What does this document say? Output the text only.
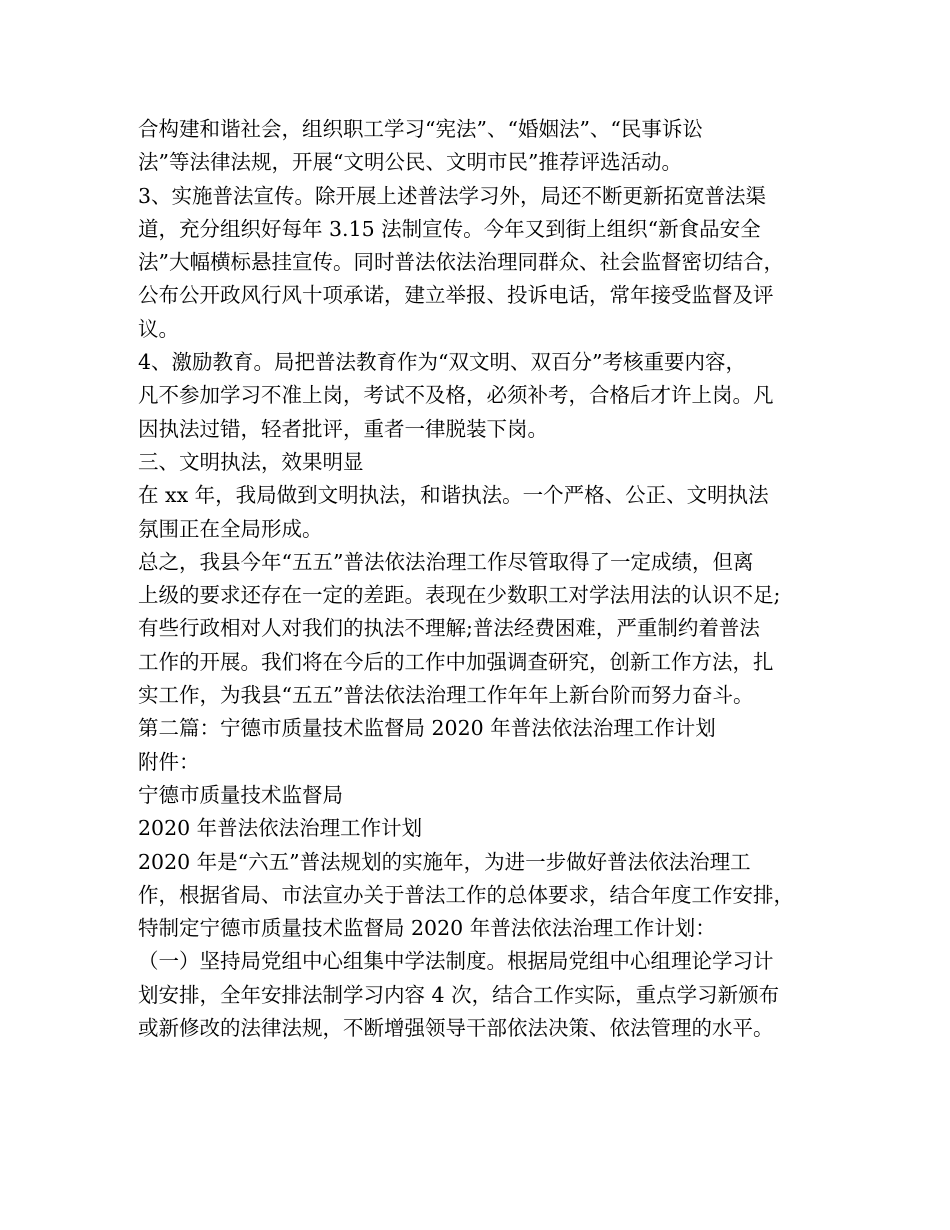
合构建和谐社会，组织职工学习“宪法”、“婚姻法”、“民事诉讼
法”等法律法规，开展“文明公民、文明市民”推荐评选活动。
3、实施普法宣传。除开展上述普法学习外，局还不断更新拓宽普法渠
道，充分组织好每年 3.15 法制宣传。今年又到街上组织“新食品安全
法”大幅横标悬挂宣传。同时普法依法治理同群众、社会监督密切结合，
公布公开政风行风十项承诺，建立举报、投诉电话，常年接受监督及评
议。
4、激励教育。局把普法教育作为“双文明、双百分”考核重要内容，
凡不参加学习不准上岗，考试不及格，必须补考，合格后才许上岗。凡
因执法过错，轻者批评，重者一律脱装下岗。
三、文明执法，效果明显
在 xx 年，我局做到文明执法，和谐执法。一个严格、公正、文明执法
氛围正在全局形成。
总之，我县今年“五五”普法依法治理工作尽管取得了一定成绩，但离
上级的要求还存在一定的差距。表现在少数职工对学法用法的认识不足;
有些行政相对人对我们的执法不理解;普法经费困难，严重制约着普法
工作的开展。我们将在今后的工作中加强调查研究，创新工作方法，扎
实工作，为我县“五五”普法依法治理工作年年上新台阶而努力奋斗。
第二篇：宁德市质量技术监督局 2020 年普法依法治理工作计划
附件：
宁德市质量技术监督局
2020 年普法依法治理工作计划
2020 年是“六五”普法规划的实施年，为进一步做好普法依法治理工
作，根据省局、市法宣办关于普法工作的总体要求，结合年度工作安排，
特制定宁德市质量技术监督局 2020 年普法依法治理工作计划：
（一）坚持局党组中心组集中学法制度。根据局党组中心组理论学习计
划安排，全年安排法制学习内容 4 次，结合工作实际，重点学习新颁布
或新修改的法律法规，不断增强领导干部依法决策、依法管理的水平。
